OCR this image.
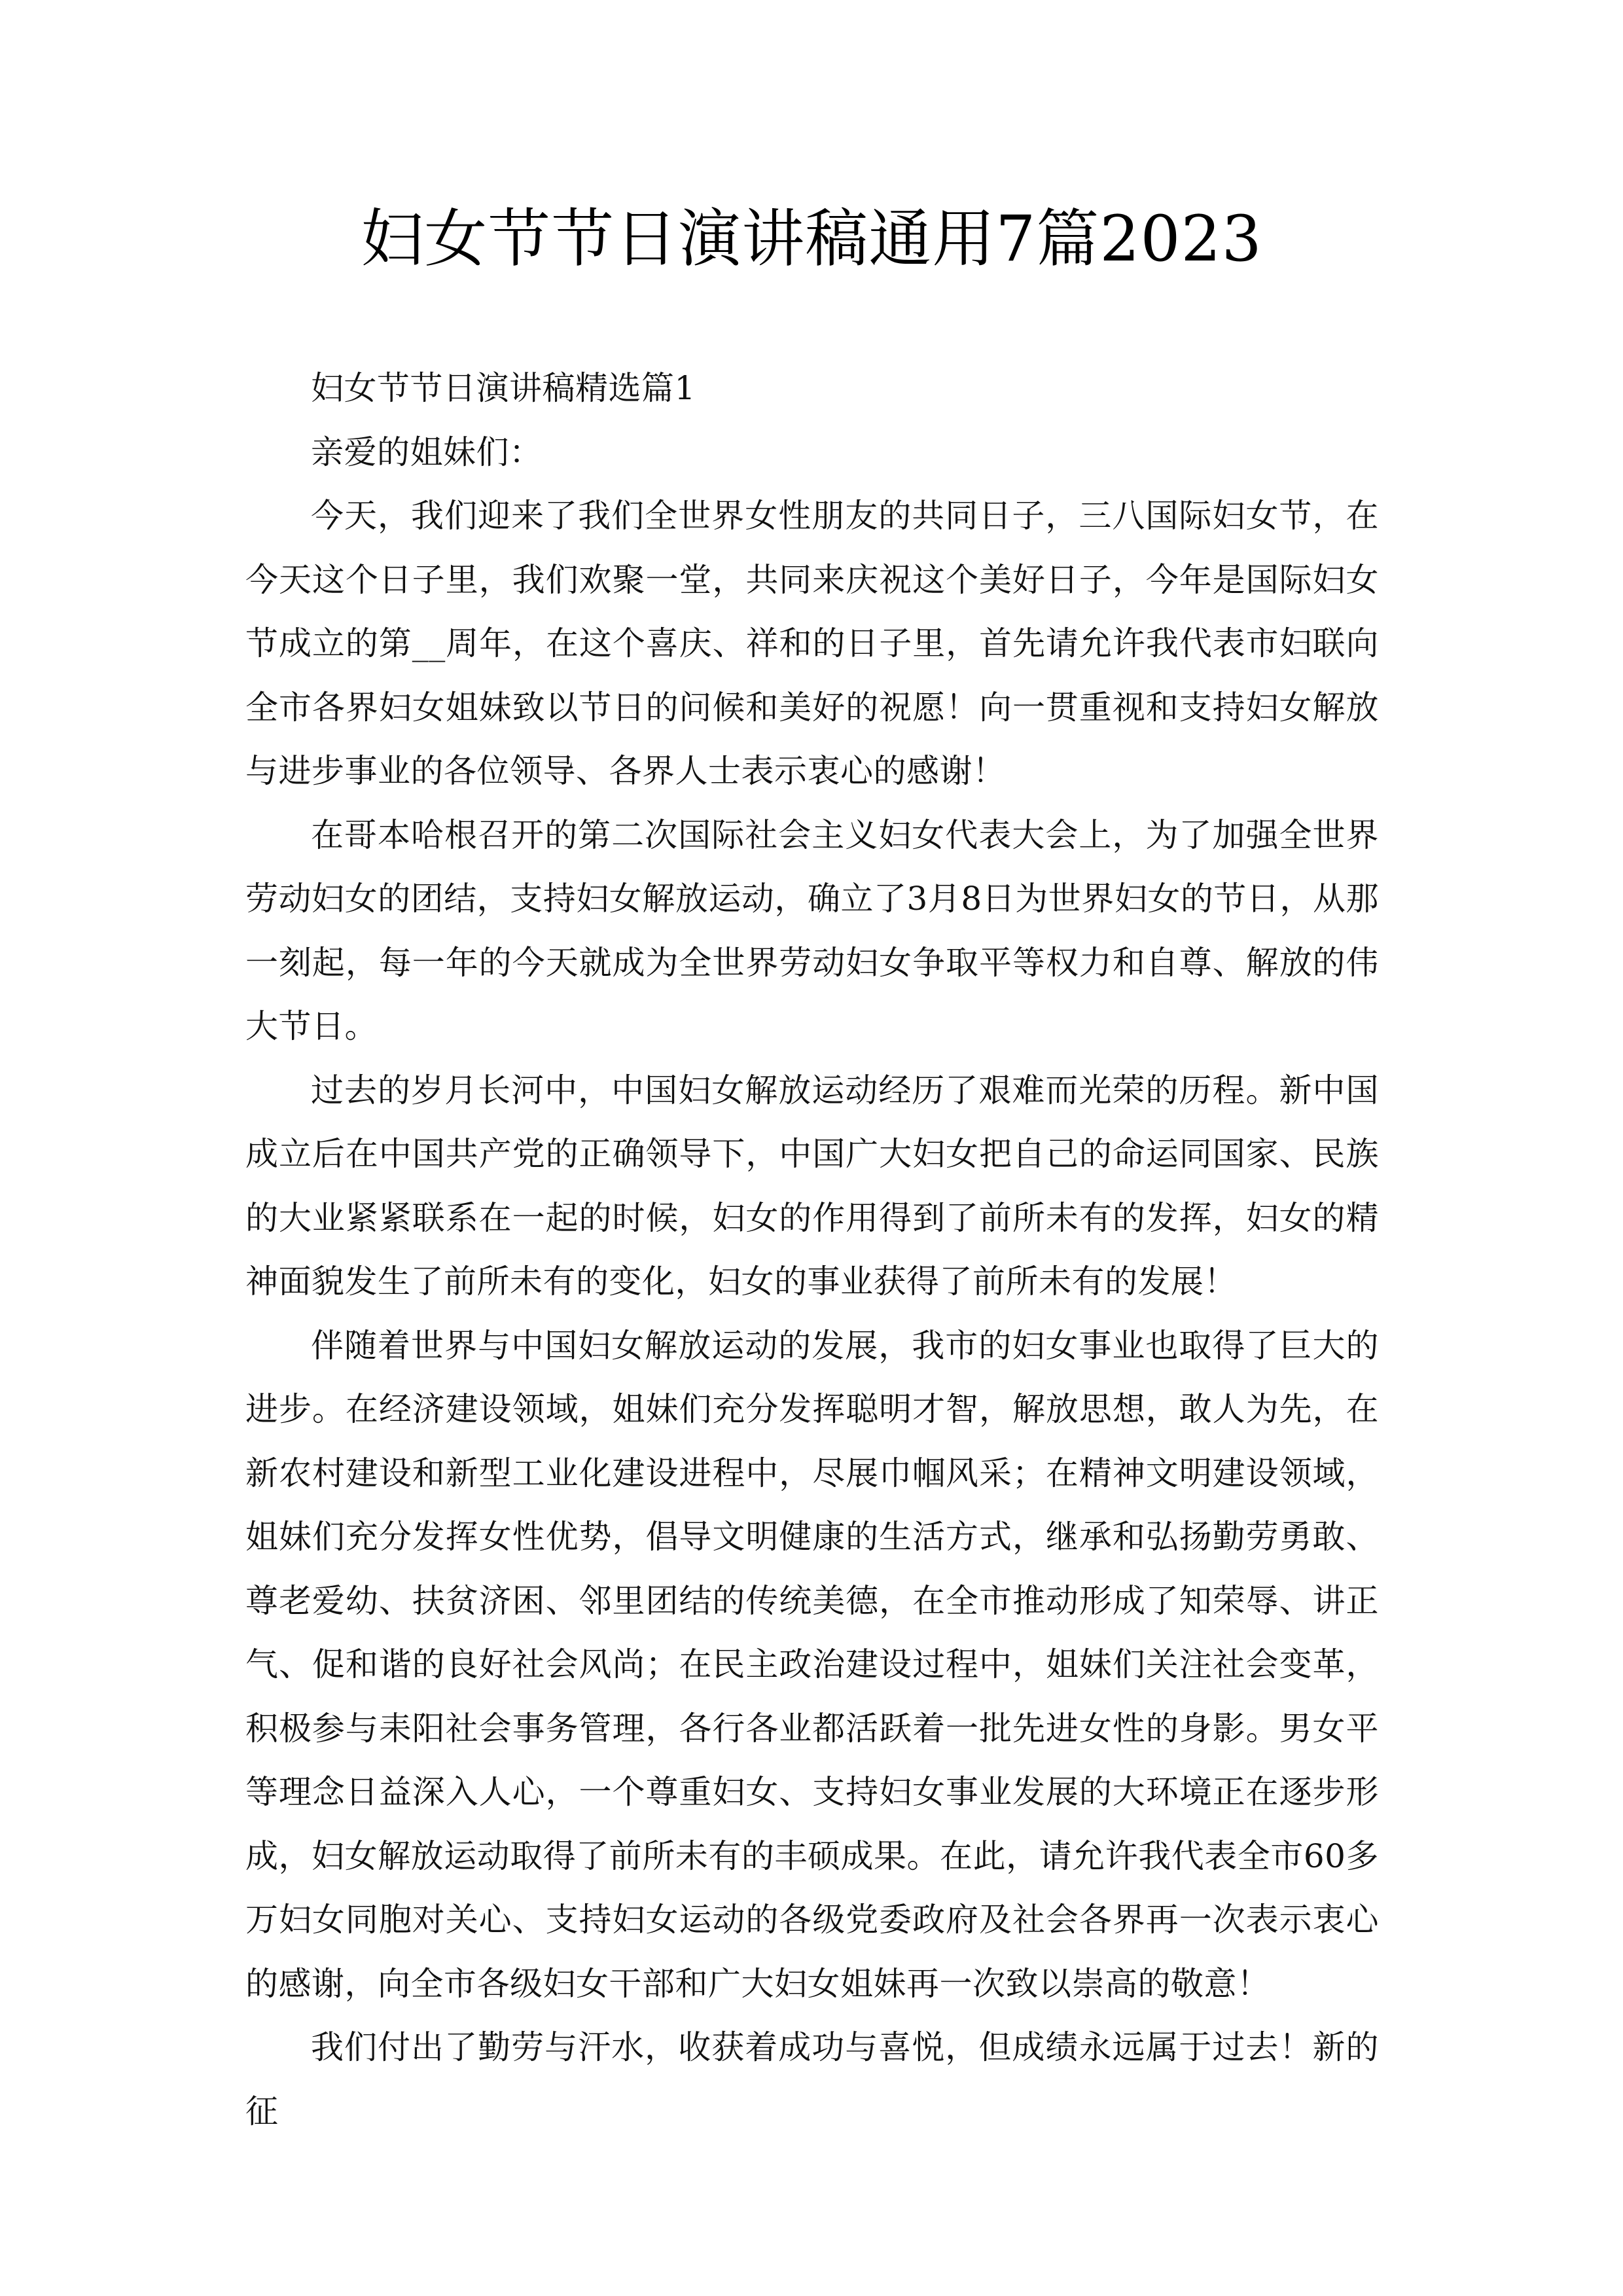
妇女节节日演讲稿通用7篇2023

妇女节节日演讲稿精选篇1

亲爱的姐妹们：

今天，我们迎来了我们全世界女性朋友的共同日子，三八国际妇女节，在今天这个日子里，我们欢聚一堂，共同来庆祝这个美好日子，今年是国际妇女节成立的第__周年，在这个喜庆、祥和的日子里，首先请允许我代表市妇联向全市各界妇女姐妹致以节日的问候和美好的祝愿！向一贯重视和支持妇女解放与进步事业的各位领导、各界人士表示衷心的感谢！

在哥本哈根召开的第二次国际社会主义妇女代表大会上，为了加强全世界劳动妇女的团结，支持妇女解放运动，确立了3月8日为世界妇女的节日，从那一刻起，每一年的今天就成为全世界劳动妇女争取平等权力和自尊、解放的伟大节日。

过去的岁月长河中，中国妇女解放运动经历了艰难而光荣的历程。新中国成立后在中国共产党的正确领导下，中国广大妇女把自己的命运同国家、民族的大业紧紧联系在一起的时候，妇女的作用得到了前所未有的发挥，妇女的精神面貌发生了前所未有的变化，妇女的事业获得了前所未有的发展！

伴随着世界与中国妇女解放运动的发展，我市的妇女事业也取得了巨大的进步。在经济建设领域，姐妹们充分发挥聪明才智，解放思想，敢人为先，在新农村建设和新型工业化建设进程中，尽展巾帼风采；在精神文明建设领域，姐妹们充分发挥女性优势，倡导文明健康的生活方式，继承和弘扬勤劳勇敢、尊老爱幼、扶贫济困、邻里团结的传统美德，在全市推动形成了知荣辱、讲正气、促和谐的良好社会风尚；在民主政治建设过程中，姐妹们关注社会变革，积极参与耒阳社会事务管理，各行各业都活跃着一批先进女性的身影。男女平等理念日益深入人心，一个尊重妇女、支持妇女事业发展的大环境正在逐步形成，妇女解放运动取得了前所未有的丰硕成果。在此，请允许我代表全市60多万妇女同胞对关心、支持妇女运动的各级党委政府及社会各界再一次表示衷心的感谢，向全市各级妇女干部和广大妇女姐妹再一次致以崇高的敬意！

我们付出了勤劳与汗水，收获着成功与喜悦，但成绩永远属于过去！新的征
